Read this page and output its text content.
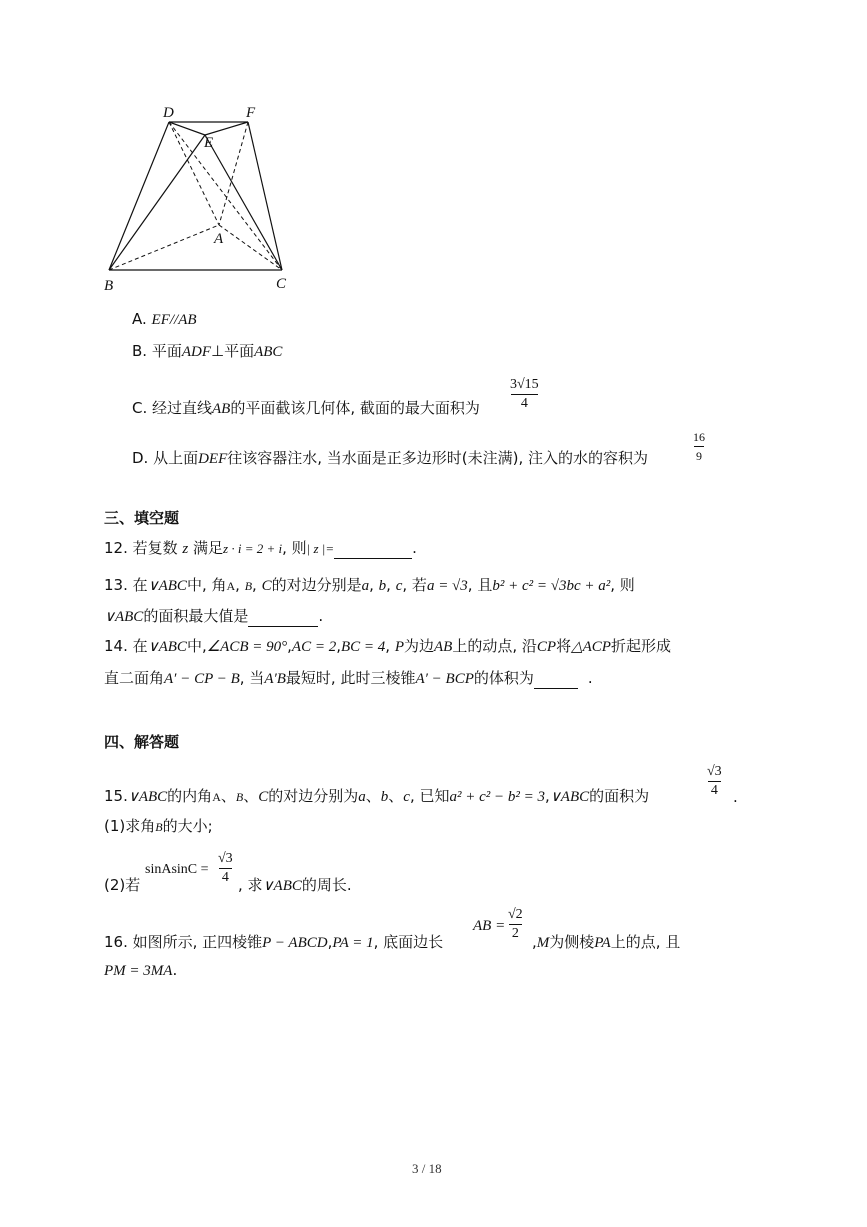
D	F
E
A
B	C
A. EF//AB
B. 平面ADF⊥平面ABC
C. 经过直线AB的平面截该几何体, 截面的最大面积为
3√15
4
D. 从上面DEF往该容器注水, 当水面是正多边形时(未注满), 注入的水的容积为
16
9
三、填空题
12. 若复数 z 满足z · i = 2 + i, 则| z |=	.
13. 在∨ABC中, 角A, B, C的对边分别是a, b, c, 若a = √3, 且b² + c² = √3bc + a², 则
∨ABC的面积最大值是	.
14. 在∨ABC中,∠ACB = 90°,AC = 2,BC = 4, P为边AB上的动点, 沿CP将△ACP折起形成
直二面角A′ − CP − B, 当A′B最短时, 此时三棱锥A′ − BCP的体积为	.
四、解答题
15.∨ABC的内角A、B、C的对边分别为a、b、c, 已知a² + c² − b² = 3,∨ABC的面积为
√3
4 .
(1)求角B的大小;
(2)若
sinAsinC =
√3
4 , 求∨ABC的周长.
16. 如图所示, 正四棱锥P − ABCD,PA = 1, 底面边长
AB =
√2
2 ,M为侧棱PA上的点, 且
PM = 3MA.
3 / 18
